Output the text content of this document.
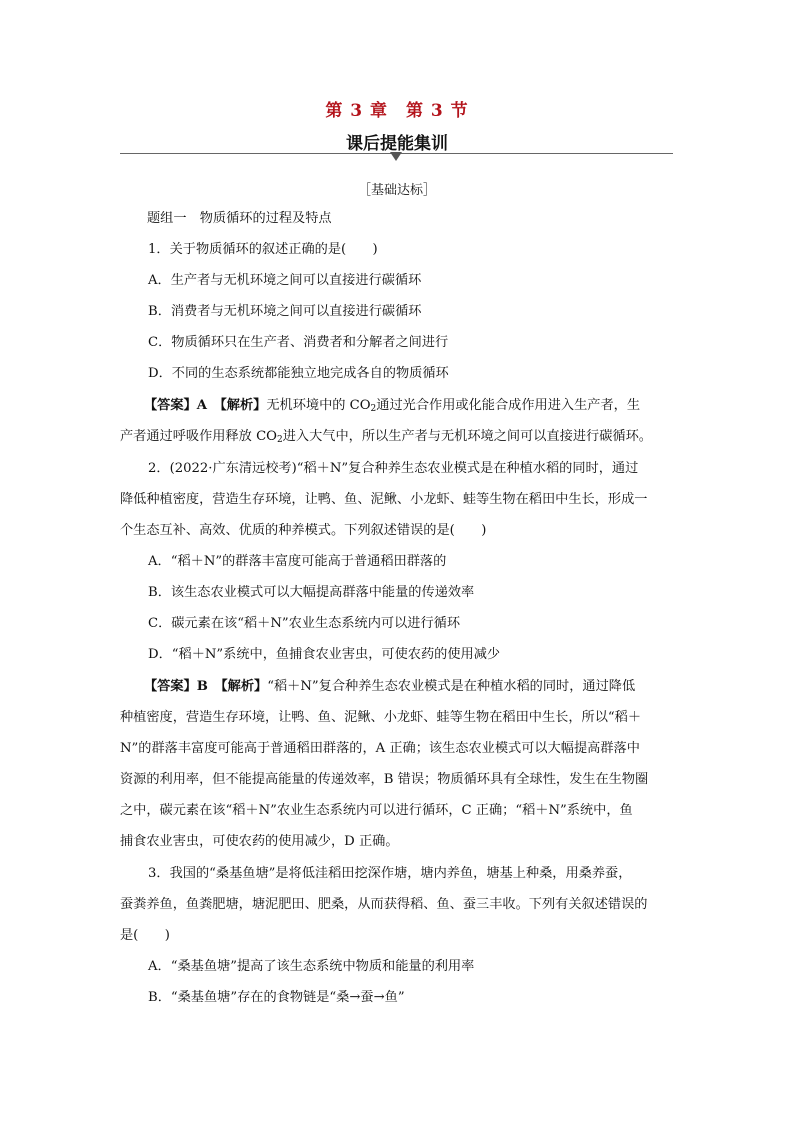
第 3 章　第 3 节
课后提能集训
［基础达标］
题组一　物质循环的过程及特点
1．关于物质循环的叙述正确的是(　　)
A．生产者与无机环境之间可以直接进行碳循环
B．消费者与无机环境之间可以直接进行碳循环
C．物质循环只在生产者、消费者和分解者之间进行
D．不同的生态系统都能独立地完成各自的物质循环
【答案】A　【解析】无机环境中的 $CO_2$通过光合作用或化能合成作用进入生产者，生
产者通过呼吸作用释放 $CO_2$进入大气中，所以生产者与无机环境之间可以直接进行碳循环。
2．(2022·广东清远校考)“稻＋N”复合种养生态农业模式是在种植水稻的同时，通过
降低种植密度，营造生存环境，让鸭、鱼、泥鳅、小龙虾、蛙等生物在稻田中生长，形成一
个生态互补、高效、优质的种养模式。下列叙述错误的是(　　)
A．“稻＋N”的群落丰富度可能高于普通稻田群落的
B．该生态农业模式可以大幅提高群落中能量的传递效率
C．碳元素在该“稻＋N”农业生态系统内可以进行循环
D．“稻＋N”系统中，鱼捕食农业害虫，可使农药的使用减少
【答案】B　【解析】“稻＋N”复合种养生态农业模式是在种植水稻的同时，通过降低
种植密度，营造生存环境，让鸭、鱼、泥鳅、小龙虾、蛙等生物在稻田中生长，所以“稻＋
N”的群落丰富度可能高于普通稻田群落的，A 正确；该生态农业模式可以大幅提高群落中
资源的利用率，但不能提高能量的传递效率，B 错误；物质循环具有全球性，发生在生物圈
之中，碳元素在该“稻＋N”农业生态系统内可以进行循环，C 正确；“稻＋N”系统中，鱼
捕食农业害虫，可使农药的使用减少，D 正确。
3．我国的“桑基鱼塘”是将低洼稻田挖深作塘，塘内养鱼，塘基上种桑，用桑养蚕，
蚕粪养鱼，鱼粪肥塘，塘泥肥田、肥桑，从而获得稻、鱼、蚕三丰收。下列有关叙述错误的
是(　　)
A．“桑基鱼塘”提高了该生态系统中物质和能量的利用率
B．“桑基鱼塘”存在的食物链是“桑→蚕→鱼”
